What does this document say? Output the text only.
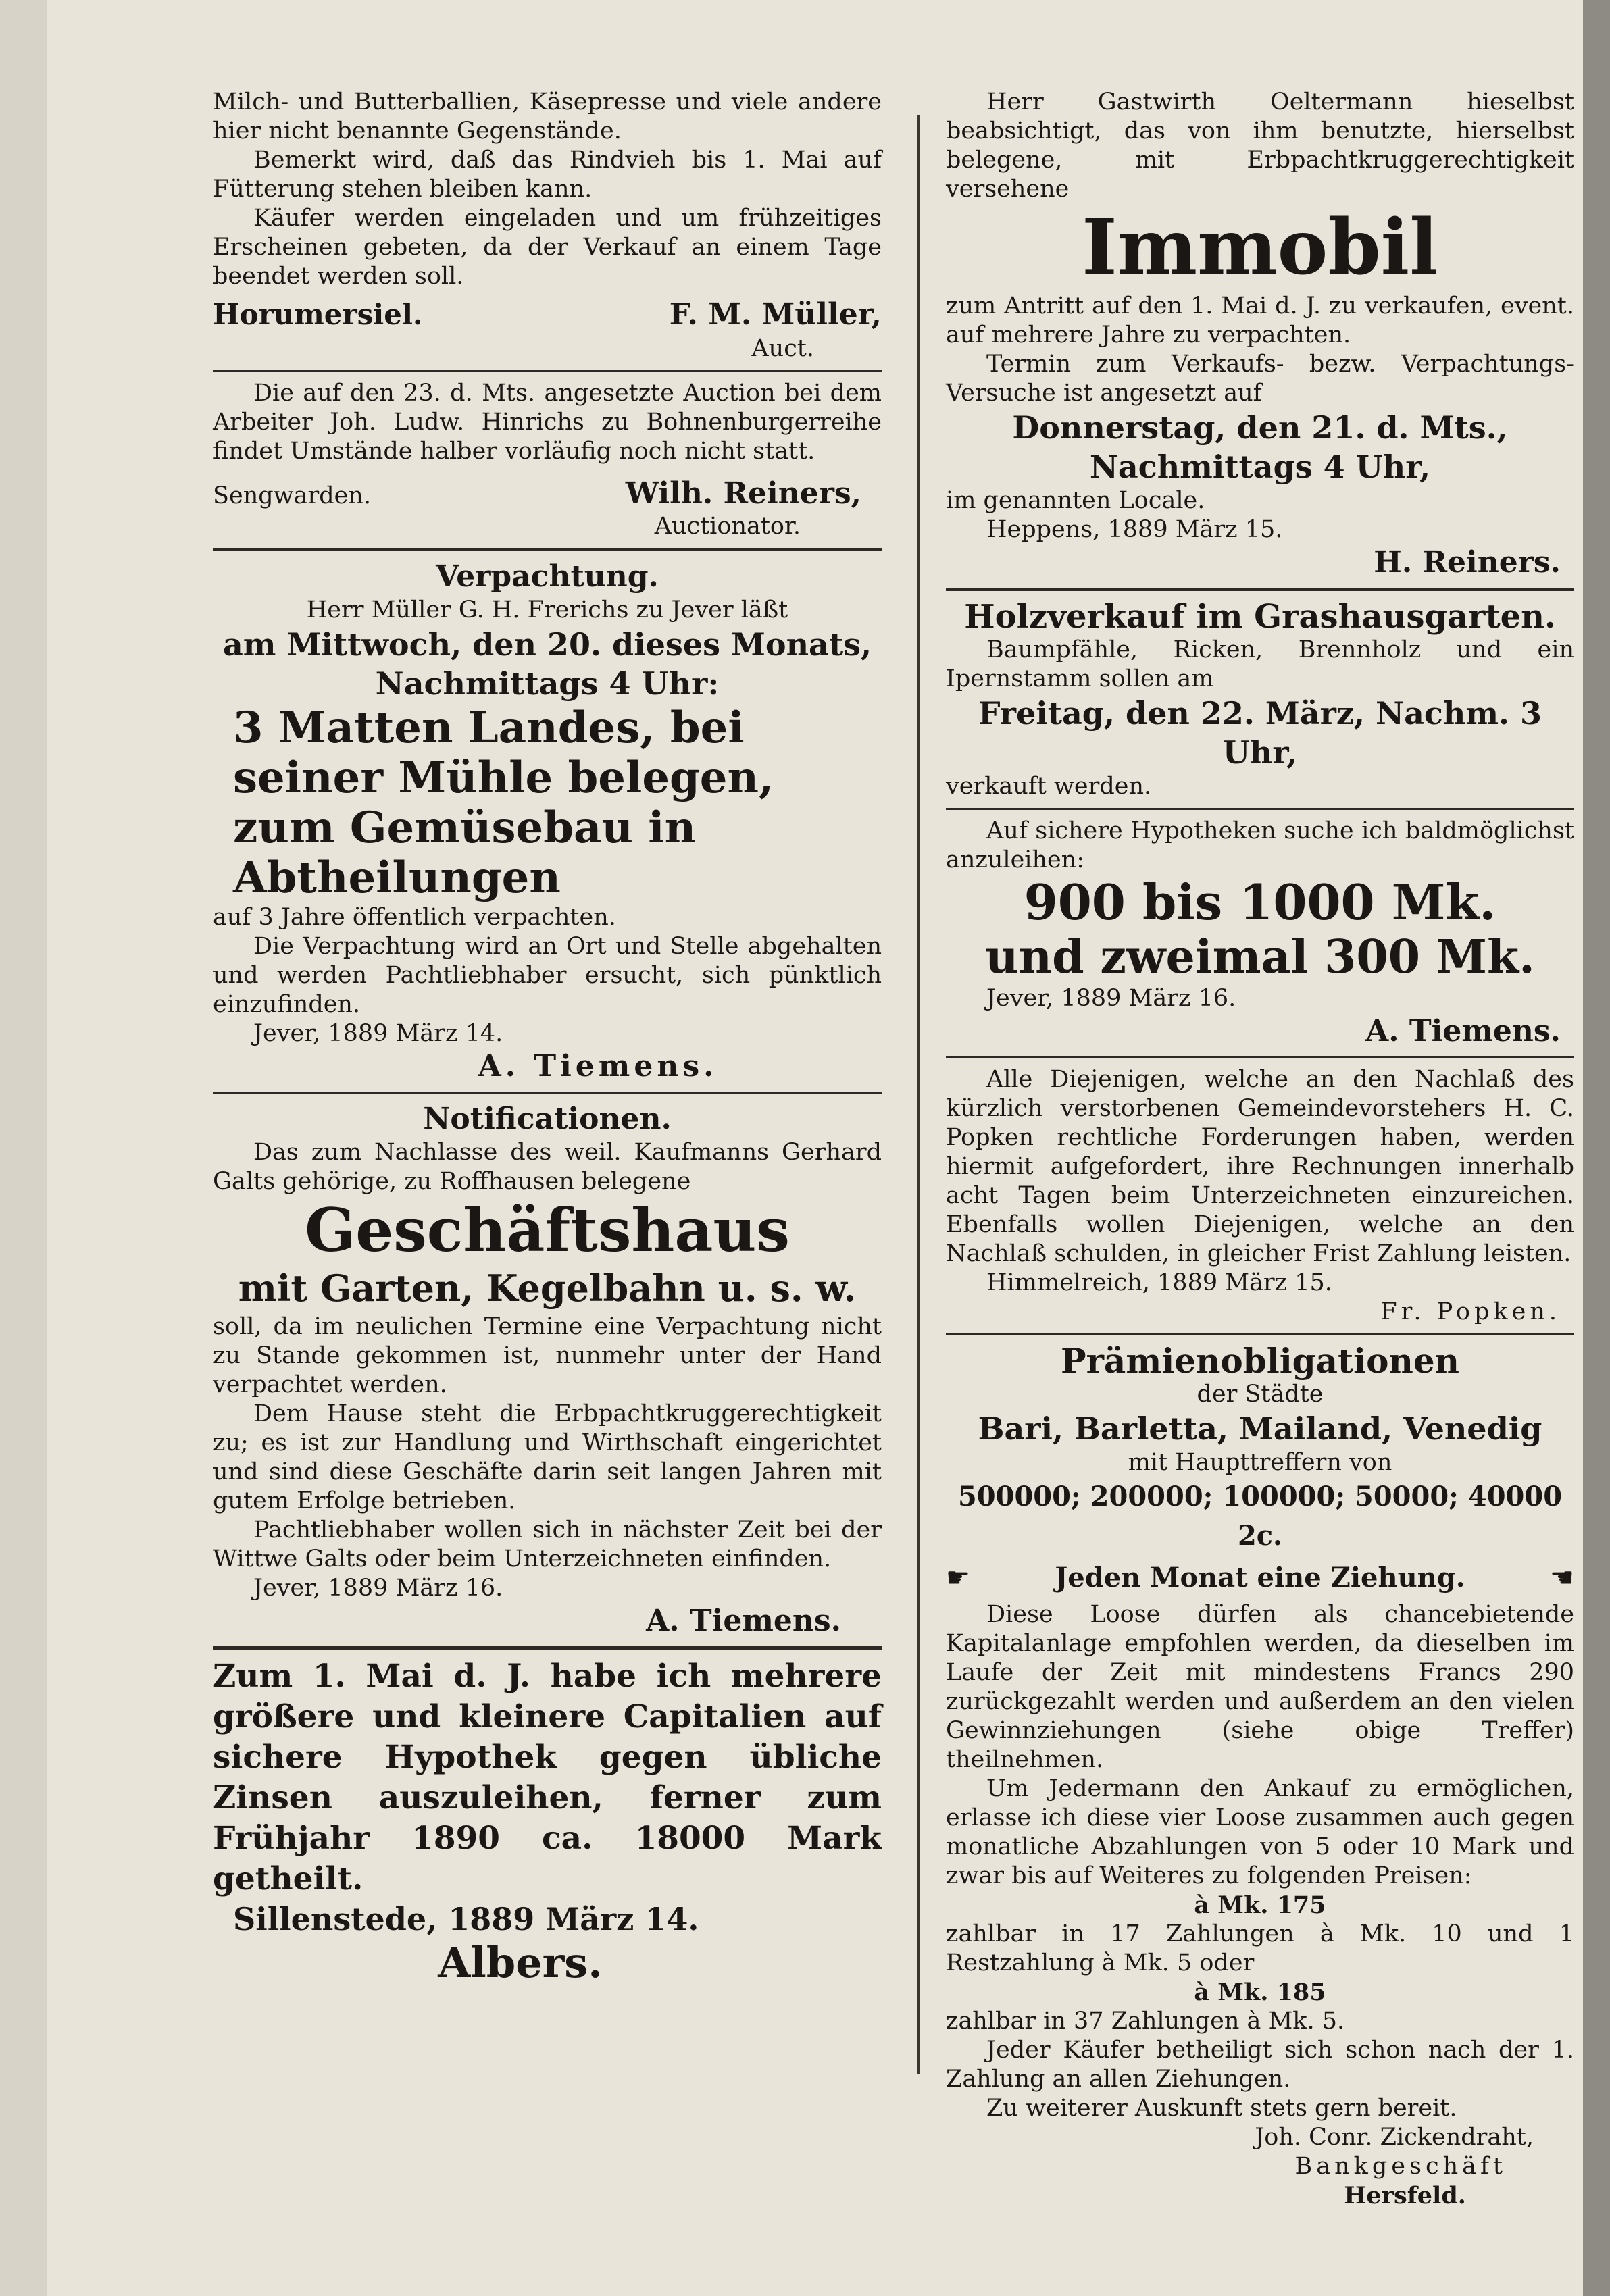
Milch- und Butterballien, Käsepresse und viele andere hier nicht benannte Gegenstände.

Bemerkt wird, daß das Rindvieh bis 1. Mai auf Fütterung stehen bleiben kann.

Käufer werden eingeladen und um frühzeitiges Erscheinen gebeten, da der Verkauf an einem Tage beendet werden soll.

Horumersiel.	F. M. Müller,

Auct.

Die auf den 23. d. Mts. angesetzte Auction bei dem Arbeiter Joh. Ludw. Hinrichs zu Bohnenburgerreihe findet Umstände halber vorläufig noch nicht statt.

Sengwarden.	Wilh. Reiners,

Auctionator.

Verpachtung.

Herr Müller G. H. Frerichs zu Jever läßt

am Mittwoch, den 20. dieses Monats,

Nachmittags 4 Uhr:

3 Matten Landes, bei seiner Mühle belegen, zum Gemüsebau in Abtheilungen

auf 3 Jahre öffentlich verpachten.

Die Verpachtung wird an Ort und Stelle abgehalten und werden Pachtliebhaber ersucht, sich pünktlich einzufinden.

Jever, 1889 März 14.

A. Tiemens.

Notificationen.

Das zum Nachlasse des weil. Kaufmanns Gerhard Galts gehörige, zu Roffhausen belegene

Geschäftshaus

mit Garten, Kegelbahn u. s. w.

soll, da im neulichen Termine eine Verpachtung nicht zu Stande gekommen ist, nunmehr unter der Hand verpachtet werden.

Dem Hause steht die Erbpachtkruggerechtigkeit zu; es ist zur Handlung und Wirthschaft eingerichtet und sind diese Geschäfte darin seit langen Jahren mit gutem Erfolge betrieben.

Pachtliebhaber wollen sich in nächster Zeit bei der Wittwe Galts oder beim Unterzeichneten einfinden.

Jever, 1889 März 16.

A. Tiemens.

Zum 1. Mai d. J. habe ich mehrere größere und kleinere Capitalien auf sichere Hypothek gegen übliche Zinsen auszuleihen, ferner zum Frühjahr 1890 ca. 18000 Mark getheilt.

Sillenstede, 1889 März 14.

Albers.

Herr Gastwirth Oeltermann hieselbst beabsichtigt, das von ihm benutzte, hierselbst belegene, mit Erbpachtkruggerechtigkeit versehene

Immobil

zum Antritt auf den 1. Mai d. J. zu verkaufen, event. auf mehrere Jahre zu verpachten.

Termin zum Verkaufs- bezw. Verpachtungs-Versuche ist angesetzt auf

Donnerstag, den 21. d. Mts.,

Nachmittags 4 Uhr,

im genannten Locale.

Heppens, 1889 März 15.

H. Reiners.

Holzverkauf im Grashausgarten.

Baumpfähle, Ricken, Brennholz und ein Ipernstamm sollen am

Freitag, den 22. März, Nachm. 3 Uhr,

verkauft werden.

Auf sichere Hypotheken suche ich baldmöglichst anzuleihen:

900 bis 1000 Mk.

und zweimal 300 Mk.

Jever, 1889 März 16.

A. Tiemens.

Alle Diejenigen, welche an den Nachlaß des kürzlich verstorbenen Gemeindevorstehers H. C. Popken rechtliche Forderungen haben, werden hiermit aufgefordert, ihre Rechnungen innerhalb acht Tagen beim Unterzeichneten einzureichen. Ebenfalls wollen Diejenigen, welche an den Nachlaß schulden, in gleicher Frist Zahlung leisten.

Himmelreich, 1889 März 15.

Fr. Popken.

Prämienobligationen

der Städte

Bari, Barletta, Mailand, Venedig

mit Haupttreffern von

500000; 200000; 100000; 50000; 40000 2c.

☛	Jeden Monat eine Ziehung.	☛

Diese Loose dürfen als chancebietende Kapitalanlage empfohlen werden, da dieselben im Laufe der Zeit mit mindestens Francs 290 zurückgezahlt werden und außerdem an den vielen Gewinnziehungen (siehe obige Treffer) theilnehmen.

Um Jedermann den Ankauf zu ermöglichen, erlasse ich diese vier Loose zusammen auch gegen monatliche Abzahlungen von 5 oder 10 Mark und zwar bis auf Weiteres zu folgenden Preisen:

à Mk. 175

zahlbar in 17 Zahlungen à Mk. 10 und 1 Restzahlung à Mk. 5 oder

à Mk. 185

zahlbar in 37 Zahlungen à Mk. 5.

Jeder Käufer betheiligt sich schon nach der 1. Zahlung an allen Ziehungen.

Zu weiterer Auskunft stets gern bereit.

Joh. Conr. Zickendraht,

Bankgeschäft

Hersfeld.
